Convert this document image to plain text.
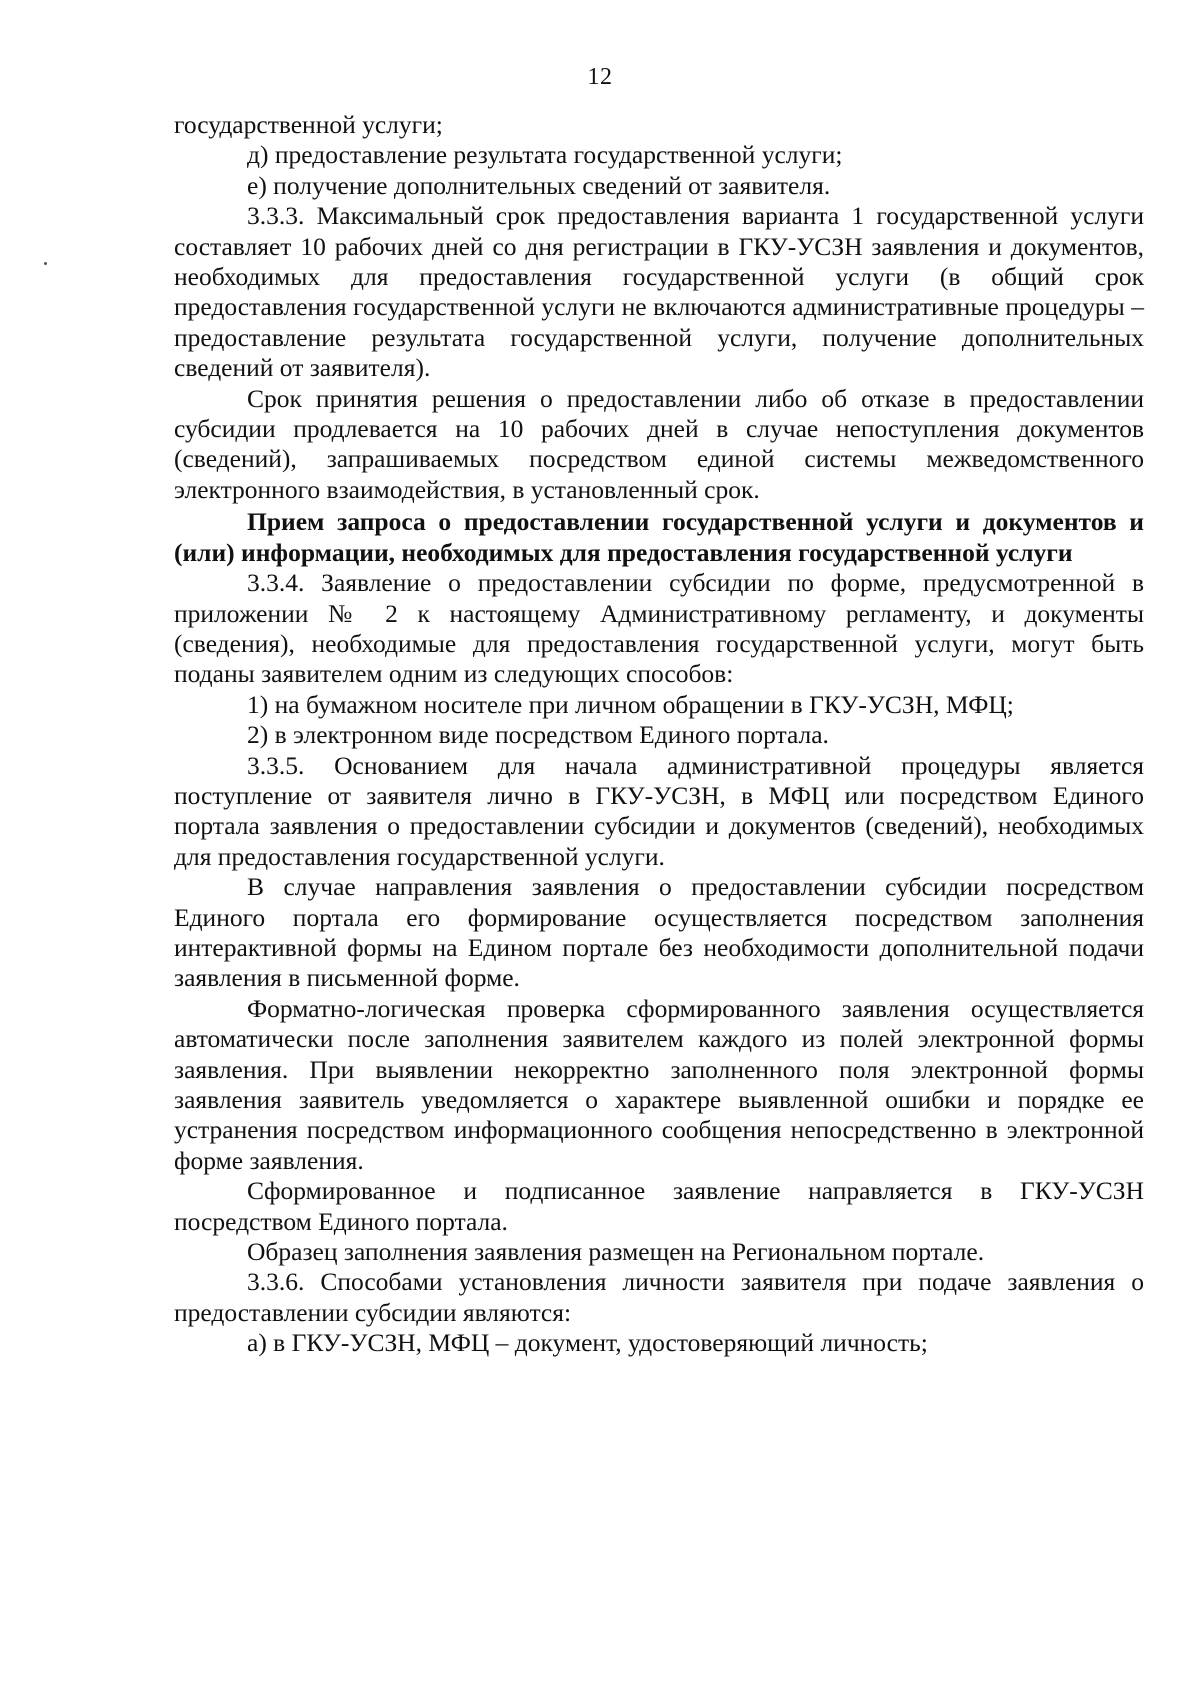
12

государственной услуги;

д) предоставление результата государственной услуги;

е) получение дополнительных сведений от заявителя.

3.3.3. Максимальный срок предоставления варианта 1 государственной услуги составляет 10 рабочих дней со дня регистрации в ГКУ-УСЗН заявления и документов, необходимых для предоставления государственной услуги (в общий срок предоставления государственной услуги не включаются административные процедуры – предоставление результата государственной услуги, получение дополнительных сведений от заявителя).

Срок принятия решения о предоставлении либо об отказе в предоставлении субсидии продлевается на 10 рабочих дней в случае непоступления документов (сведений), запрашиваемых посредством единой системы межведомственного электронного взаимодействия, в установленный срок.

Прием запроса о предоставлении государственной услуги и документов и (или) информации, необходимых для предоставления государственной услуги

3.3.4. Заявление о предоставлении субсидии по форме, предусмотренной в приложении № 2 к настоящему Административному регламенту, и документы (сведения), необходимые для предоставления государственной услуги, могут быть поданы заявителем одним из следующих способов:

1) на бумажном носителе при личном обращении в ГКУ-УСЗН, МФЦ;

2) в электронном виде посредством Единого портала.

3.3.5. Основанием для начала административной процедуры является поступление от заявителя лично в ГКУ-УСЗН, в МФЦ или посредством Единого портала заявления о предоставлении субсидии и документов (сведений), необходимых для предоставления государственной услуги.

В случае направления заявления о предоставлении субсидии посредством Единого портала его формирование осуществляется посредством заполнения интерактивной формы на Едином портале без необходимости дополнительной подачи заявления в письменной форме.

Форматно-логическая проверка сформированного заявления осуществляется автоматически после заполнения заявителем каждого из полей электронной формы заявления. При выявлении некорректно заполненного поля электронной формы заявления заявитель уведомляется о характере выявленной ошибки и порядке ее устранения посредством информационного сообщения непосредственно в электронной форме заявления.

Сформированное и подписанное заявление направляется в ГКУ-УСЗН посредством Единого портала.

Образец заполнения заявления размещен на Региональном портале.

3.3.6. Способами установления личности заявителя при подаче заявления о предоставлении субсидии являются:

а) в ГКУ-УСЗН, МФЦ – документ, удостоверяющий личность;
